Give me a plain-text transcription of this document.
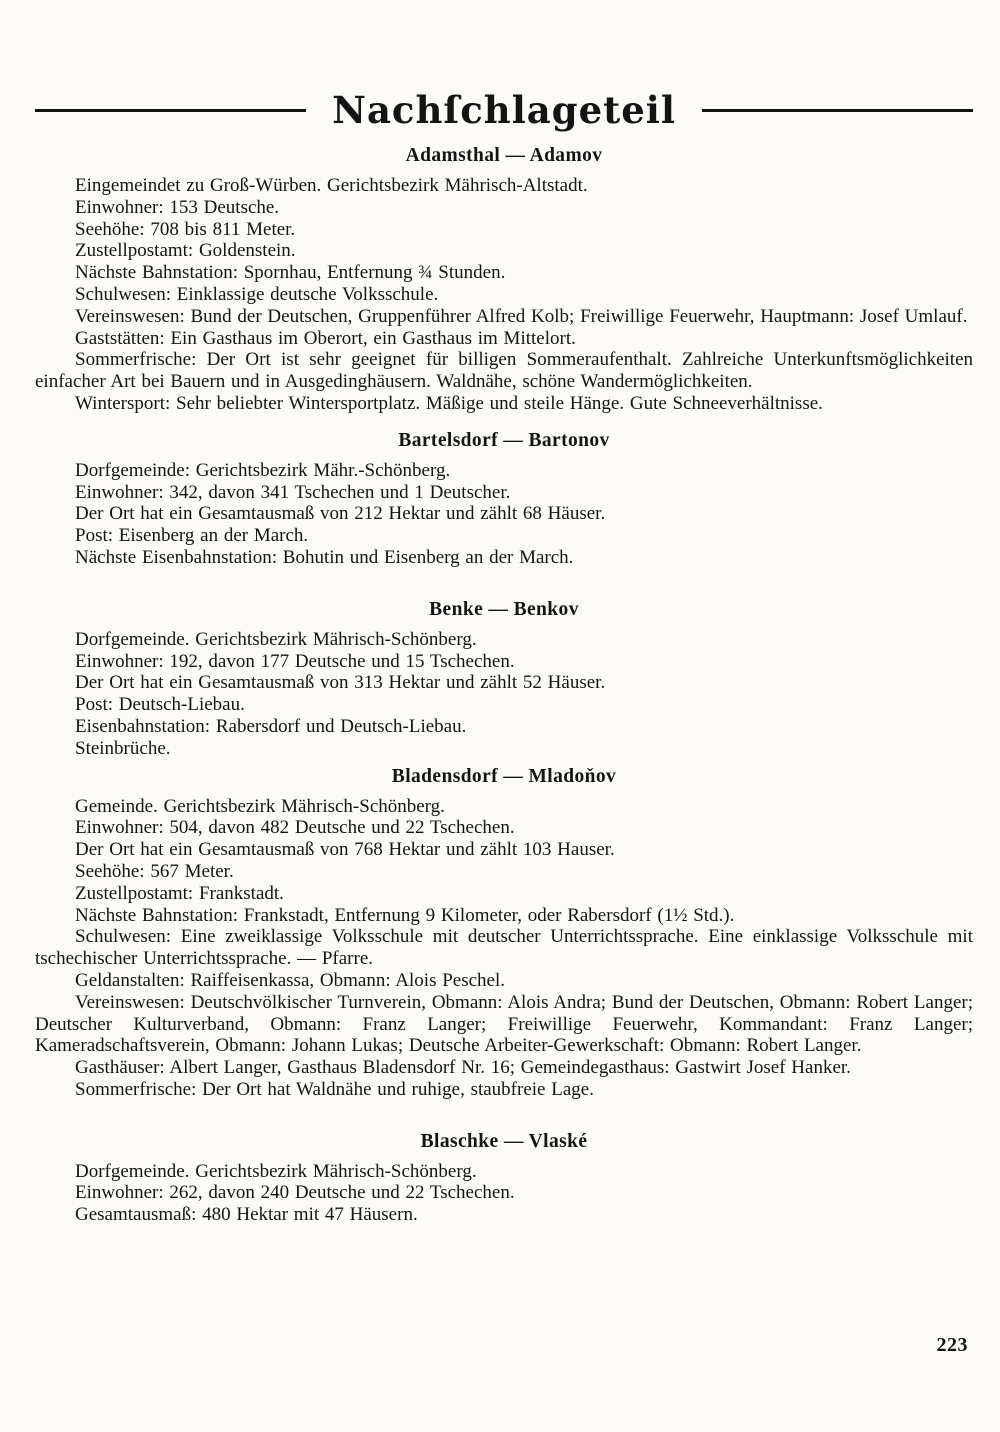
Nachſchlageteil
Adamsthal — Adamov

Eingemeindet zu Groß-Würben. Gerichtsbezirk Mährisch-Altstadt.

Einwohner: 153 Deutsche.

Seehöhe: 708 bis 811 Meter.

Zustellpostamt: Goldenstein.

Nächste Bahnstation: Spornhau, Entfernung ¾ Stunden.

Schulwesen: Einklassige deutsche Volksschule.

Vereinswesen: Bund der Deutschen, Gruppenführer Alfred Kolb; Freiwillige Feuerwehr, Hauptmann: Josef Umlauf.

Gaststätten: Ein Gasthaus im Oberort, ein Gasthaus im Mittelort.

Sommerfrische: Der Ort ist sehr geeignet für billigen Sommeraufenthalt. Zahlreiche Unterkunftsmöglichkeiten einfacher Art bei Bauern und in Ausgedinghäusern. Waldnähe, schöne Wandermöglichkeiten.

Wintersport: Sehr beliebter Wintersportplatz. Mäßige und steile Hänge. Gute Schneeverhältnisse.

Bartelsdorf — Bartonov

Dorfgemeinde: Gerichtsbezirk Mähr.-Schönberg.

Einwohner: 342, davon 341 Tschechen und 1 Deutscher.

Der Ort hat ein Gesamtausmaß von 212 Hektar und zählt 68 Häuser.

Post: Eisenberg an der March.

Nächste Eisenbahnstation: Bohutin und Eisenberg an der March.

Benke — Benkov

Dorfgemeinde. Gerichtsbezirk Mährisch-Schönberg.

Einwohner: 192, davon 177 Deutsche und 15 Tschechen.

Der Ort hat ein Gesamtausmaß von 313 Hektar und zählt 52 Häuser.

Post: Deutsch-Liebau.

Eisenbahnstation: Rabersdorf und Deutsch-Liebau.

Steinbrüche.

Bladensdorf — Mladoňov

Gemeinde. Gerichtsbezirk Mährisch-Schönberg.

Einwohner: 504, davon 482 Deutsche und 22 Tschechen.

Der Ort hat ein Gesamtausmaß von 768 Hektar und zählt 103 Hauser.

Seehöhe: 567 Meter.

Zustellpostamt: Frankstadt.

Nächste Bahnstation: Frankstadt, Entfernung 9 Kilometer, oder Rabersdorf (1½ Std.).

Schulwesen: Eine zweiklassige Volksschule mit deutscher Unterrichtssprache. Eine einklassige Volksschule mit tschechischer Unterrichtssprache. — Pfarre.

Geldanstalten: Raiffeisenkassa, Obmann: Alois Peschel.

Vereinswesen: Deutschvölkischer Turnverein, Obmann: Alois Andra; Bund der Deutschen, Obmann: Robert Langer; Deutscher Kulturverband, Obmann: Franz Langer; Freiwillige Feuerwehr, Kommandant: Franz Langer; Kameradschaftsverein, Obmann: Johann Lukas; Deutsche Arbeiter-Gewerkschaft: Obmann: Robert Langer.

Gasthäuser: Albert Langer, Gasthaus Bladensdorf Nr. 16; Gemeindegasthaus: Gastwirt Josef Hanker.

Sommerfrische: Der Ort hat Waldnähe und ruhige, staubfreie Lage.

Blaschke — Vlaské

Dorfgemeinde. Gerichtsbezirk Mährisch-Schönberg.

Einwohner: 262, davon 240 Deutsche und 22 Tschechen.

Gesamtausmaß: 480 Hektar mit 47 Häusern.

223
